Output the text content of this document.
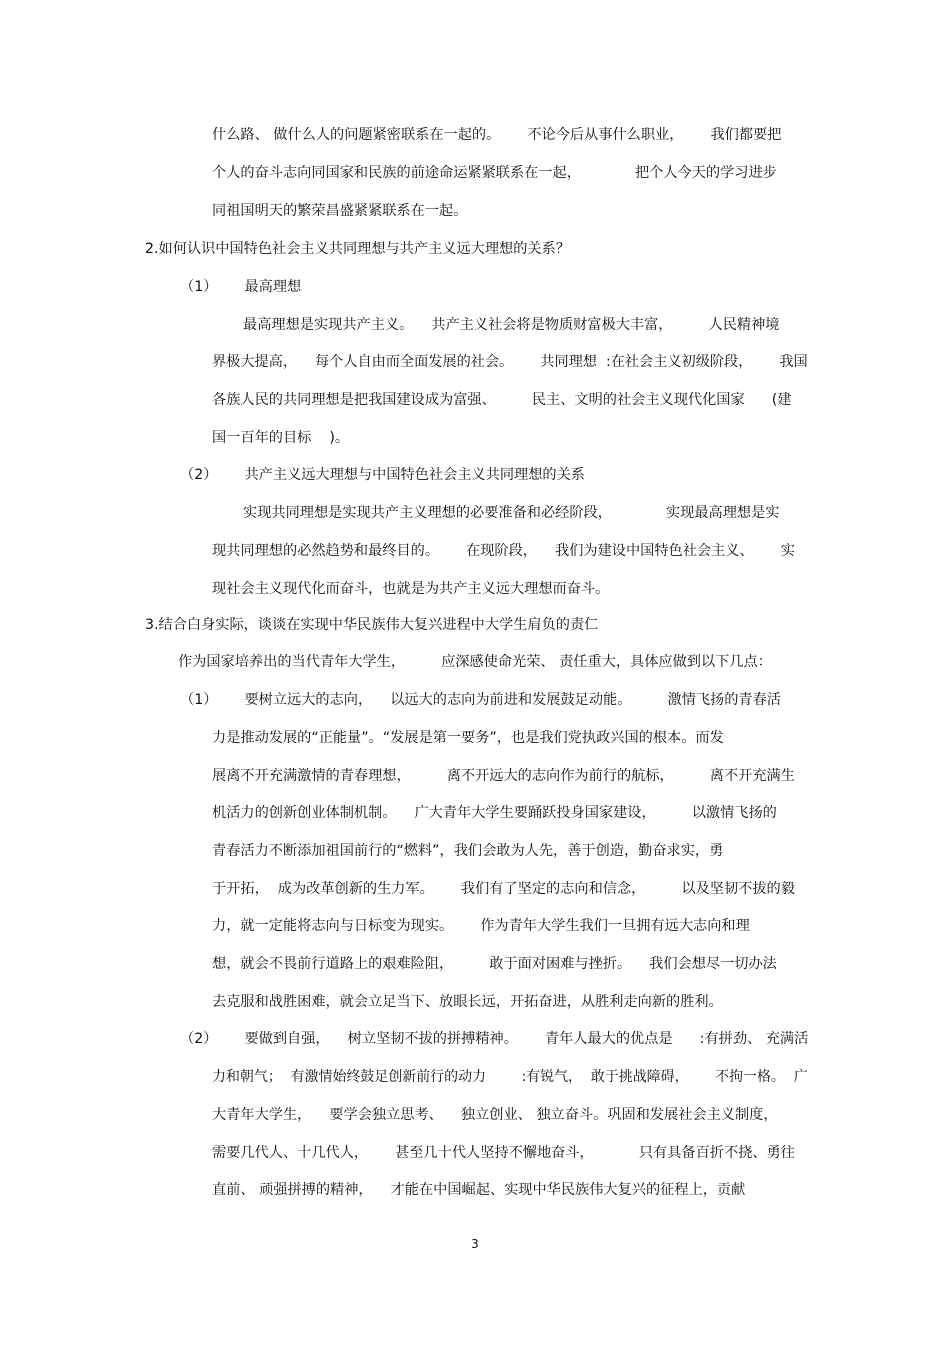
什么路、 做什么人的问题紧密联系在一起的。      不论今后从事什么职业，      我们都要把
个人的奋斗志向同国家和民族的前途命运紧紧联系在一起，            把个人今天的学习进步
同祖国明天的繁荣昌盛紧紧联系在一起。
2.如何认识中国特色社会主义共同理想与共产主义远大理想的关系？
（1）      最高理想
最高理想是实现共产主义。    共产主义社会将是物质财富极大丰富，        人民精神境
界极大提高，    每个人自由而全面发展的社会。      共同理想  :在社会主义初级阶段，      我国
各族人民的共同理想是把我国建设成为富强、        民主、文明的社会主义现代化国家      (建
国一百年的目标    )。
（2）      共产主义远大理想与中国特色社会主义共同理想的关系
实现共同理想是实现共产主义理想的必要准备和必经阶段，            实现最高理想是实
现共同理想的必然趋势和最终目的。      在现阶段，    我们为建设中国特色社会主义、      实
现社会主义现代化而奋斗，也就是为共产主义远大理想而奋斗。
3.结合白身实际，谈谈在实现中华民族伟大复兴进程中大学生肩负的责仁
作为国家培养出的当代青年大学生，        应深感使命光荣、 责任重大，具体应做到以下几点：
（1）      要树立远大的志向，    以远大的志向为前进和发展鼓足动能。        激情飞扬的青春活
力是推动发展的“正能量”。“发展是第一要务”，也是我们党执政兴国的根本。而发
展离不开充满激情的青春理想，        离不开远大的志向作为前行的航标，        离不开充满生
机活力的创新创业体制机制。    广大青年大学生要踊跃投身国家建设，        以激情飞扬的
青春活力不断添加祖国前行的“燃料”，我们会敢为人先，善于创造，勤奋求实，勇
于开拓，  成为改革创新的生力军。      我们有了坚定的志向和信念，        以及坚韧不拔的毅
力，就一定能将志向与日标变为现实。      作为青年大学生我们一旦拥有远大志向和理
想，就会不畏前行道路上的艰难险阻，        敢于面对困难与挫折。    我们会想尽一切办法
去克服和战胜困难，就会立足当下、放眼长远，开拓奋进，从胜利走向新的胜利。
（2）      要做到自强，    树立坚韧不拔的拼搏精神。      青年人最大的优点是      :有拼劲、 充满活
力和朝气；  有激情始终鼓足创新前行的动力        :有锐气，  敢于挑战障碍，      不拘一格。  广
大青年大学生，    要学会独立思考、    独立创业、 独立奋斗。巩固和发展社会主义制度，
需要几代人、十几代人，      甚至几十代人坚持不懈地奋斗，          只有具备百折不挠、勇往
直前、 顽强拼搏的精神，    才能在中国崛起、实现中华民族伟大复兴的征程上，贡献
3
